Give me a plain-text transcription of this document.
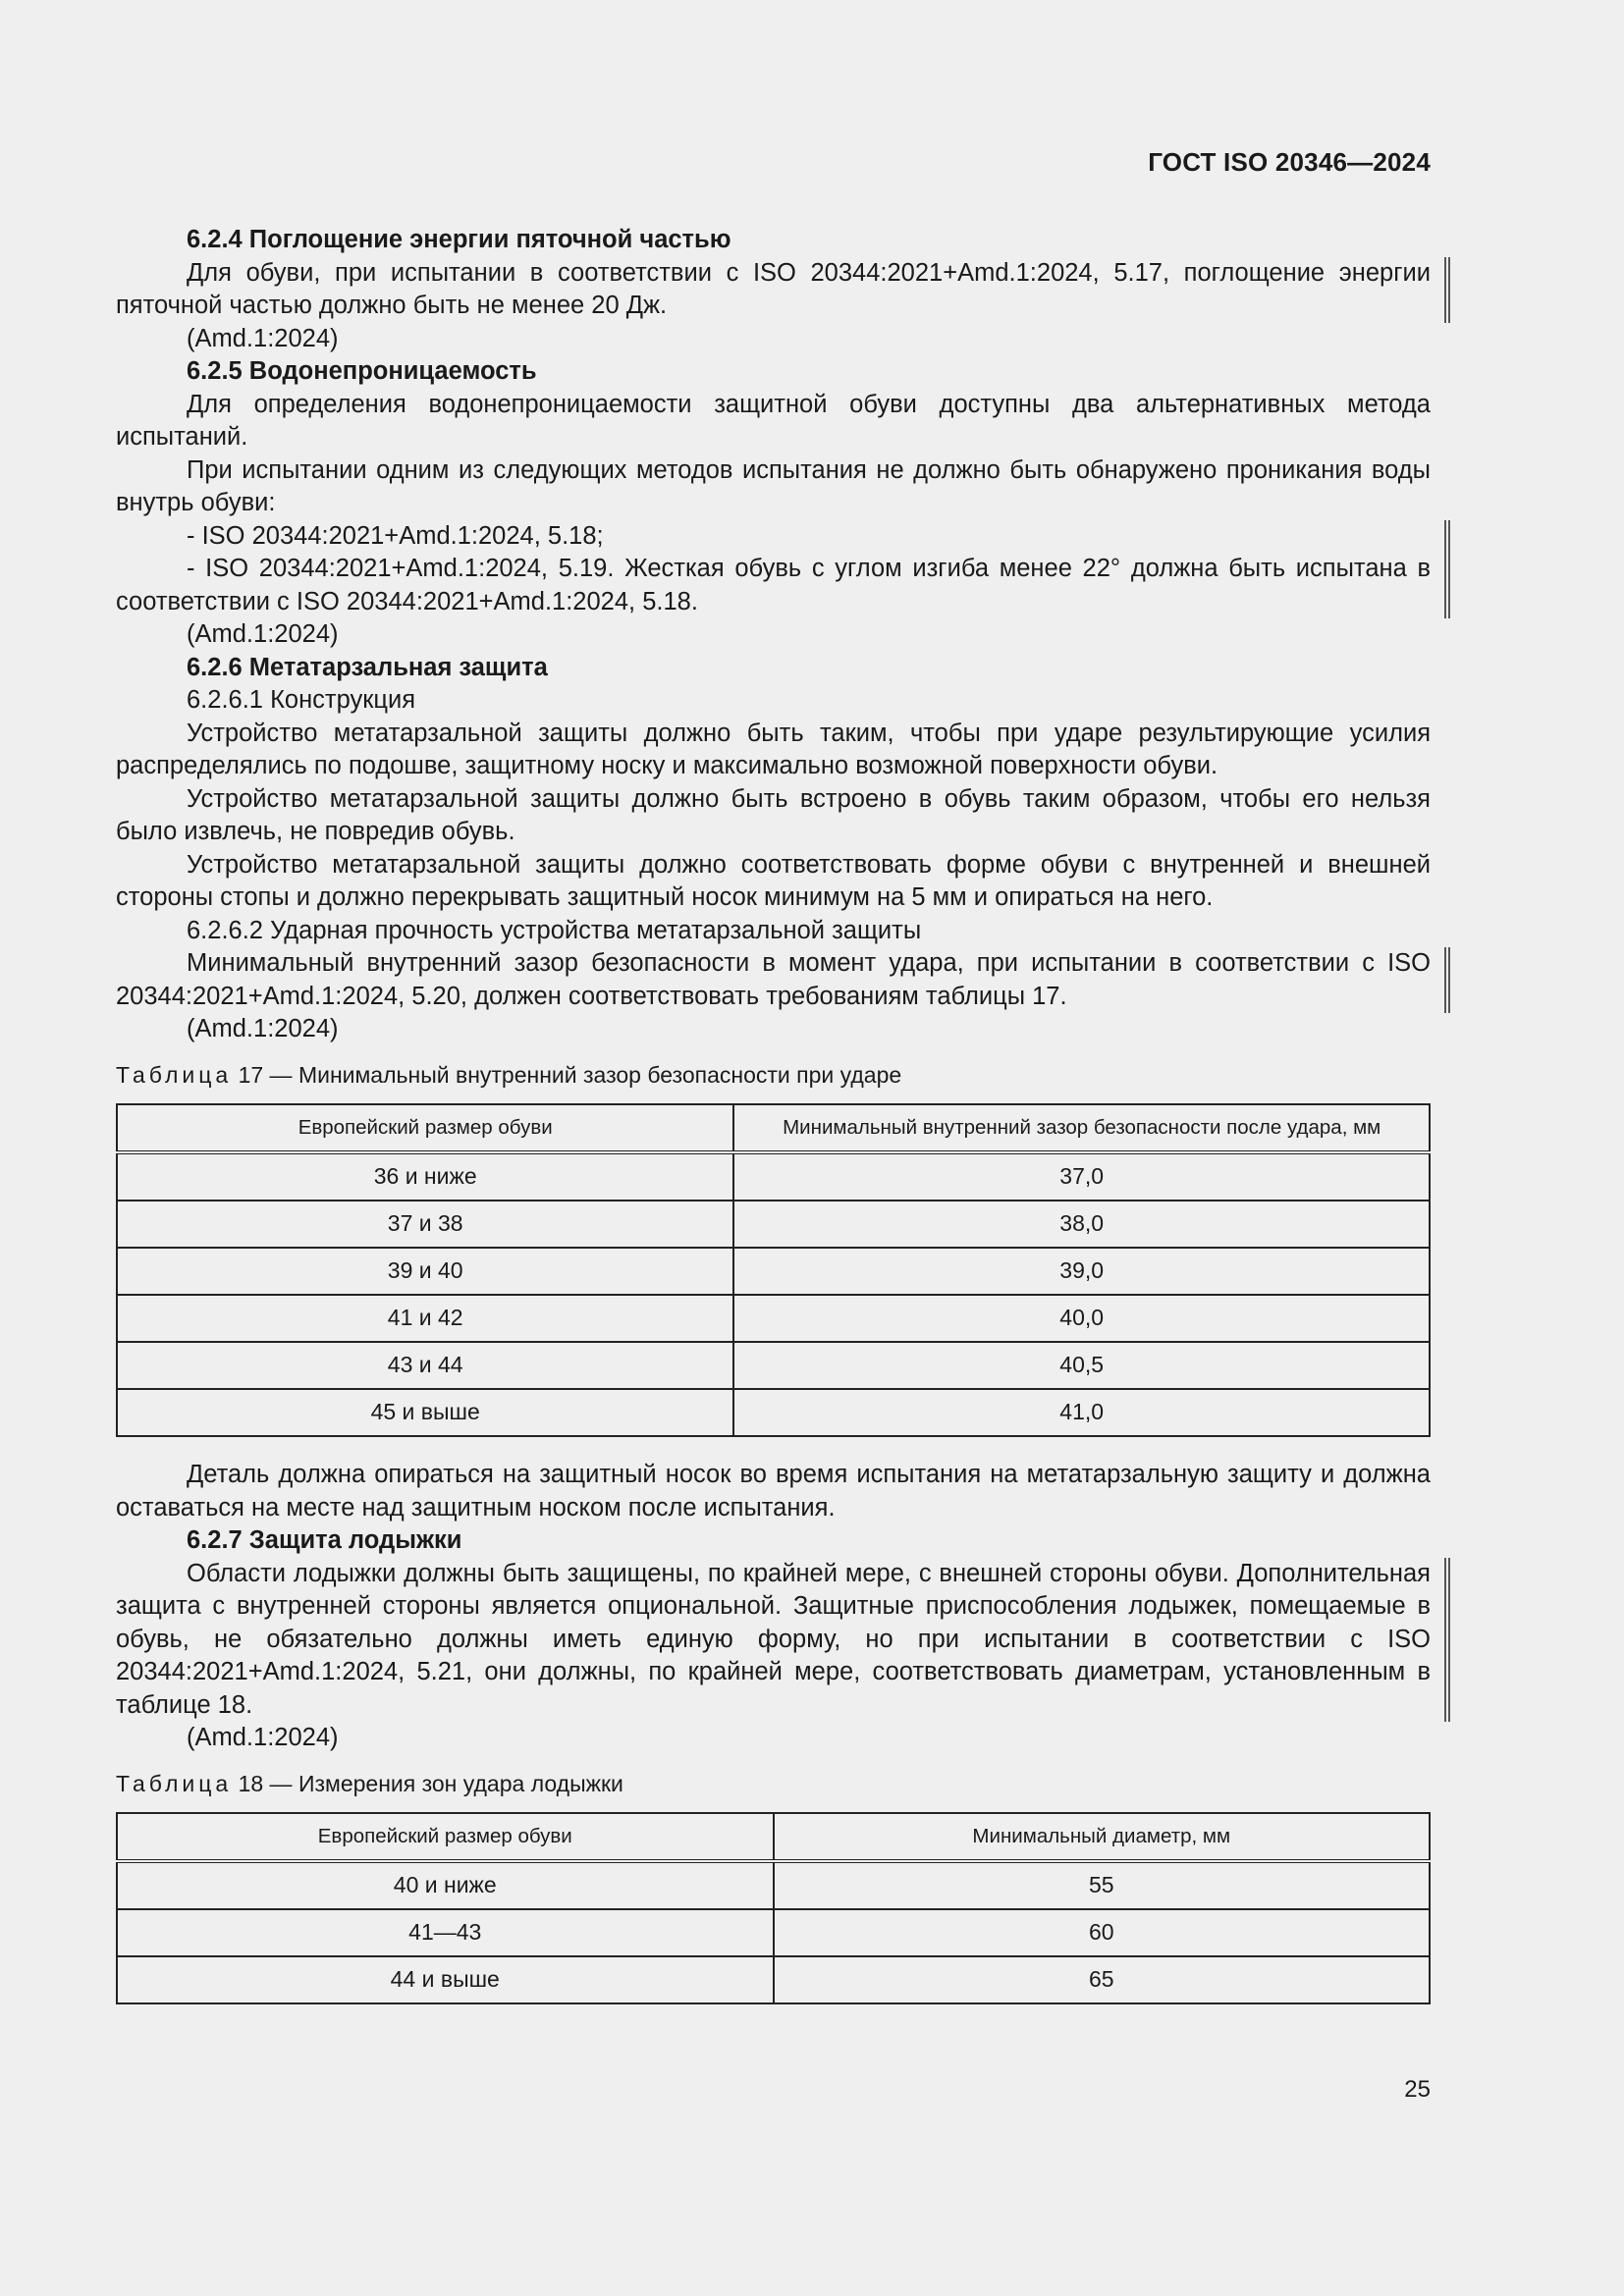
ГОСТ ISO 20346—2024

6.2.4 Поглощение энергии пяточной частью

Для обуви, при испытании в соответствии с ISO 20344:2021+Amd.1:2024, 5.17, поглощение энергии пяточной частью должно быть не менее 20 Дж.

(Amd.1:2024)

6.2.5 Водонепроницаемость

Для определения водонепроницаемости защитной обуви доступны два альтернативных метода испытаний.

При испытании одним из следующих методов испытания не должно быть обнаружено проникания воды внутрь обуви:

- ISO 20344:2021+Amd.1:2024, 5.18;

- ISO 20344:2021+Amd.1:2024, 5.19. Жесткая обувь с углом изгиба менее 22° должна быть испытана в соответствии с ISO 20344:2021+Amd.1:2024, 5.18.

(Amd.1:2024)

6.2.6 Метатарзальная защита

6.2.6.1 Конструкция

Устройство метатарзальной защиты должно быть таким, чтобы при ударе результирующие усилия распределялись по подошве, защитному носку и максимально возможной поверхности обуви.

Устройство метатарзальной защиты должно быть встроено в обувь таким образом, чтобы его нельзя было извлечь, не повредив обувь.

Устройство метатарзальной защиты должно соответствовать форме обуви с внутренней и внешней стороны стопы и должно перекрывать защитный носок минимум на 5 мм и опираться на него.

6.2.6.2 Ударная прочность устройства метатарзальной защиты

Минимальный внутренний зазор безопасности в момент удара, при испытании в соответствии с ISO 20344:2021+Amd.1:2024, 5.20, должен соответствовать требованиям таблицы 17.

(Amd.1:2024)

Таблица 17 — Минимальный внутренний зазор безопасности при ударе

Европейский размер обуви	Минимальный внутренний зазор безопасности после удара, мм
36 и ниже	37,0
37 и 38	38,0
39 и 40	39,0
41 и 42	40,0
43 и 44	40,5
45 и выше	41,0

Деталь должна опираться на защитный носок во время испытания на метатарзальную защиту и должна оставаться на месте над защитным носком после испытания.

6.2.7 Защита лодыжки

Области лодыжки должны быть защищены, по крайней мере, с внешней стороны обуви. Дополнительная защита с внутренней стороны является опциональной. Защитные приспособления лодыжек, помещаемые в обувь, не обязательно должны иметь единую форму, но при испытании в соответствии с ISO 20344:2021+Amd.1:2024, 5.21, они должны, по крайней мере, соответствовать диаметрам, установленным в таблице 18.

(Amd.1:2024)

Таблица 18 — Измерения зон удара лодыжки

Европейский размер обуви	Минимальный диаметр, мм
40 и ниже	55
41—43	60
44 и выше	65
25
